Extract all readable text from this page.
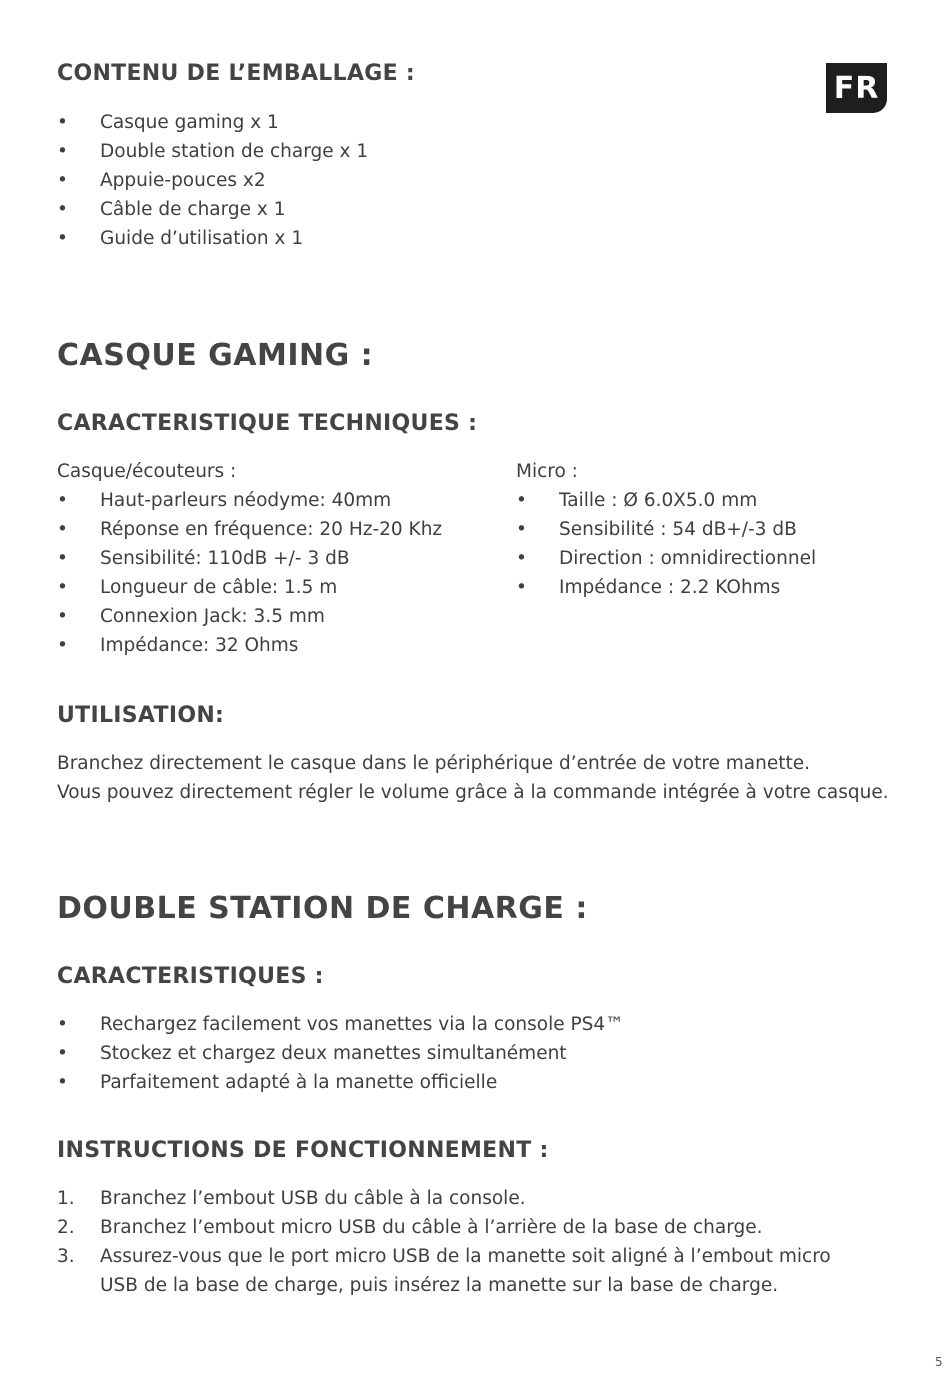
FR
CONTENU DE L’EMBALLAGE :
• Casque gaming x 1
• Double station de charge x 1
• Appuie-pouces x2
• Câble de charge x 1
• Guide d’utilisation x 1
CASQUE GAMING :
CARACTERISTIQUE TECHNIQUES :
Casque/écouteurs :
• Haut-parleurs néodyme: 40mm
• Réponse en fréquence: 20 Hz-20 Khz
• Sensibilité: 110dB +/- 3 dB
• Longueur de câble: 1.5 m
• Connexion Jack: 3.5 mm
• Impédance: 32 Ohms
Micro :
• Taille : Ø 6.0X5.0 mm
• Sensibilité : 54 dB+/-3 dB
• Direction : omnidirectionnel
• Impédance : 2.2 KOhms
UTILISATION:
Branchez directement le casque dans le périphérique d’entrée de votre manette.
Vous pouvez directement régler le volume grâce à la commande intégrée à votre casque.
DOUBLE STATION DE CHARGE :
CARACTERISTIQUES :
• Rechargez facilement vos manettes via la console PS4™
• Stockez et chargez deux manettes simultanément
• Parfaitement adapté à la manette officielle
INSTRUCTIONS DE FONCTIONNEMENT :
1. Branchez l’embout USB du câble à la console.
2. Branchez l’embout micro USB du câble à l’arrière de la base de charge.
3. Assurez-vous que le port micro USB de la manette soit aligné à l’embout micro
USB de la base de charge, puis insérez la manette sur la base de charge.
5
